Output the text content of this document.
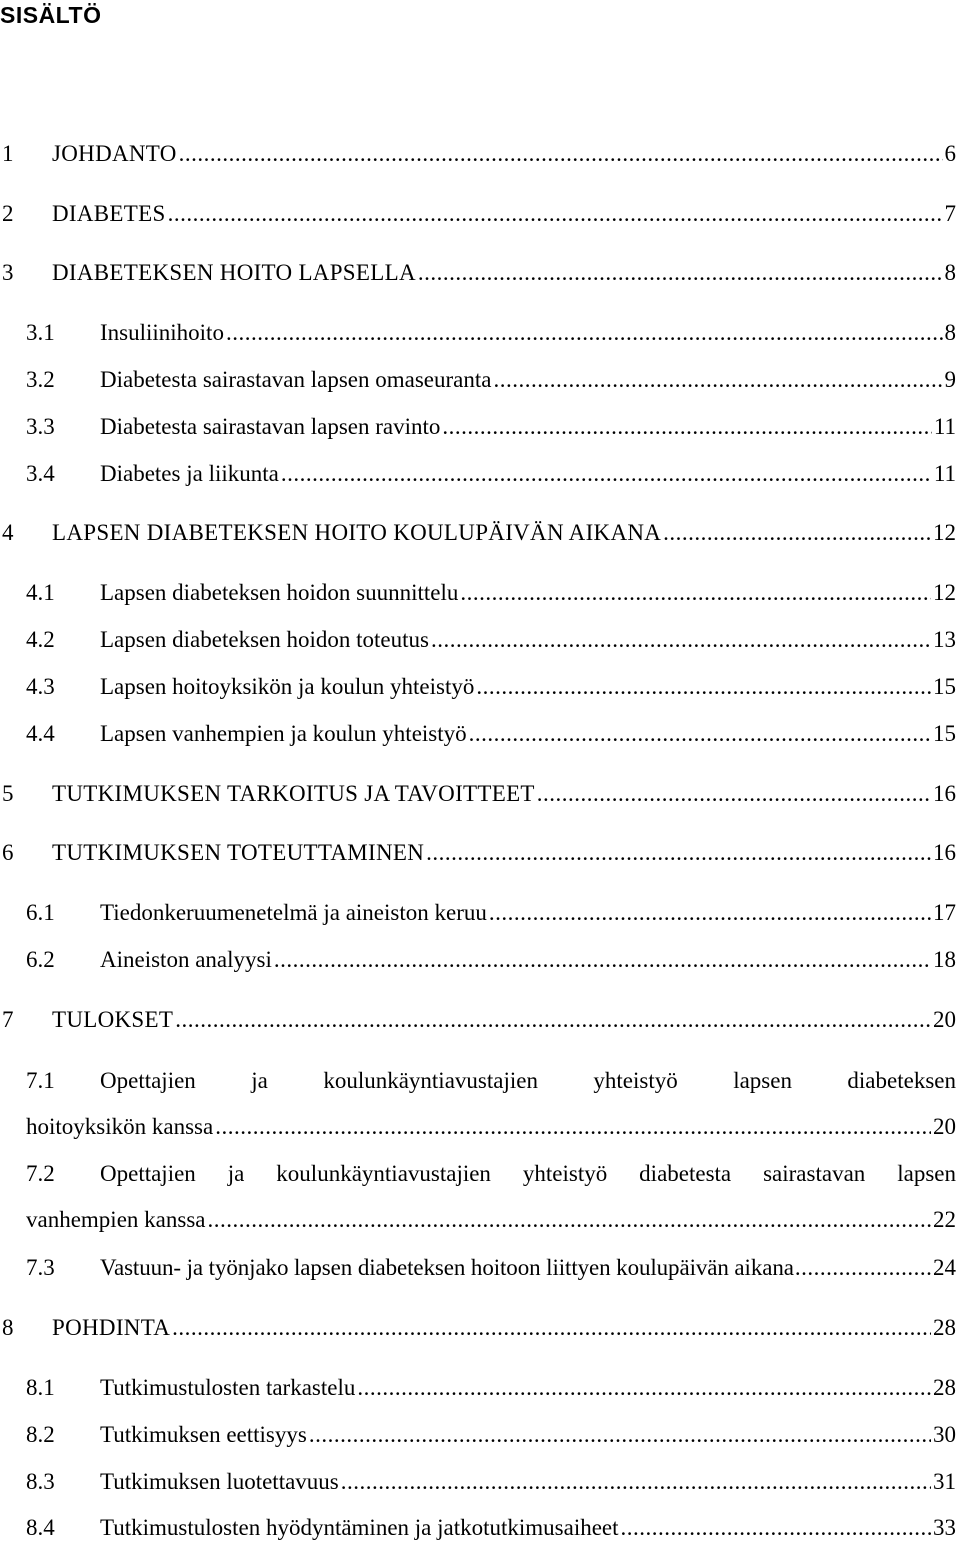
SISÄLTÖ
1	JOHDANTO .....	6
2	DIABETES .....	7
3	DIABETEKSEN HOITO LAPSELLA .....	8
3.1	Insuliinihoito .....	8
3.2	Diabetesta sairastavan lapsen omaseuranta .....	9
3.3	Diabetesta sairastavan lapsen ravinto .....	11
3.4	Diabetes ja liikunta .....	11
4	LAPSEN DIABETEKSEN HOITO KOULUPÄIVÄN AIKANA .....	12
4.1	Lapsen diabeteksen hoidon suunnittelu .....	12
4.2	Lapsen diabeteksen hoidon toteutus .....	13
4.3	Lapsen hoitoyksikön ja koulun yhteistyö .....	15
4.4	Lapsen vanhempien ja koulun yhteistyö .....	15
5	TUTKIMUKSEN TARKOITUS JA TAVOITTEET .....	16
6	TUTKIMUKSEN TOTEUTTAMINEN .....	16
6.1	Tiedonkeruumenetelmä ja aineiston keruu .....	17
6.2	Aineiston analyysi .....	18
7	TULOKSET .....	20
7.1	Opettajien ja koulunkäyntiavustajien yhteistyö lapsen diabeteksen
hoitoyksikön kanssa .....	20
7.2	Opettajien ja koulunkäyntiavustajien yhteistyö diabetesta sairastavan lapsen
vanhempien kanssa .....	22
7.3	Vastuun- ja työnjako lapsen diabeteksen hoitoon liittyen koulupäivän aikana .....	24
8	POHDINTA .....	28
8.1	Tutkimustulosten tarkastelu .....	28
8.2	Tutkimuksen eettisyys .....	30
8.3	Tutkimuksen luotettavuus .....	31
8.4	Tutkimustulosten hyödyntäminen ja jatkotutkimusaiheet .....	33
